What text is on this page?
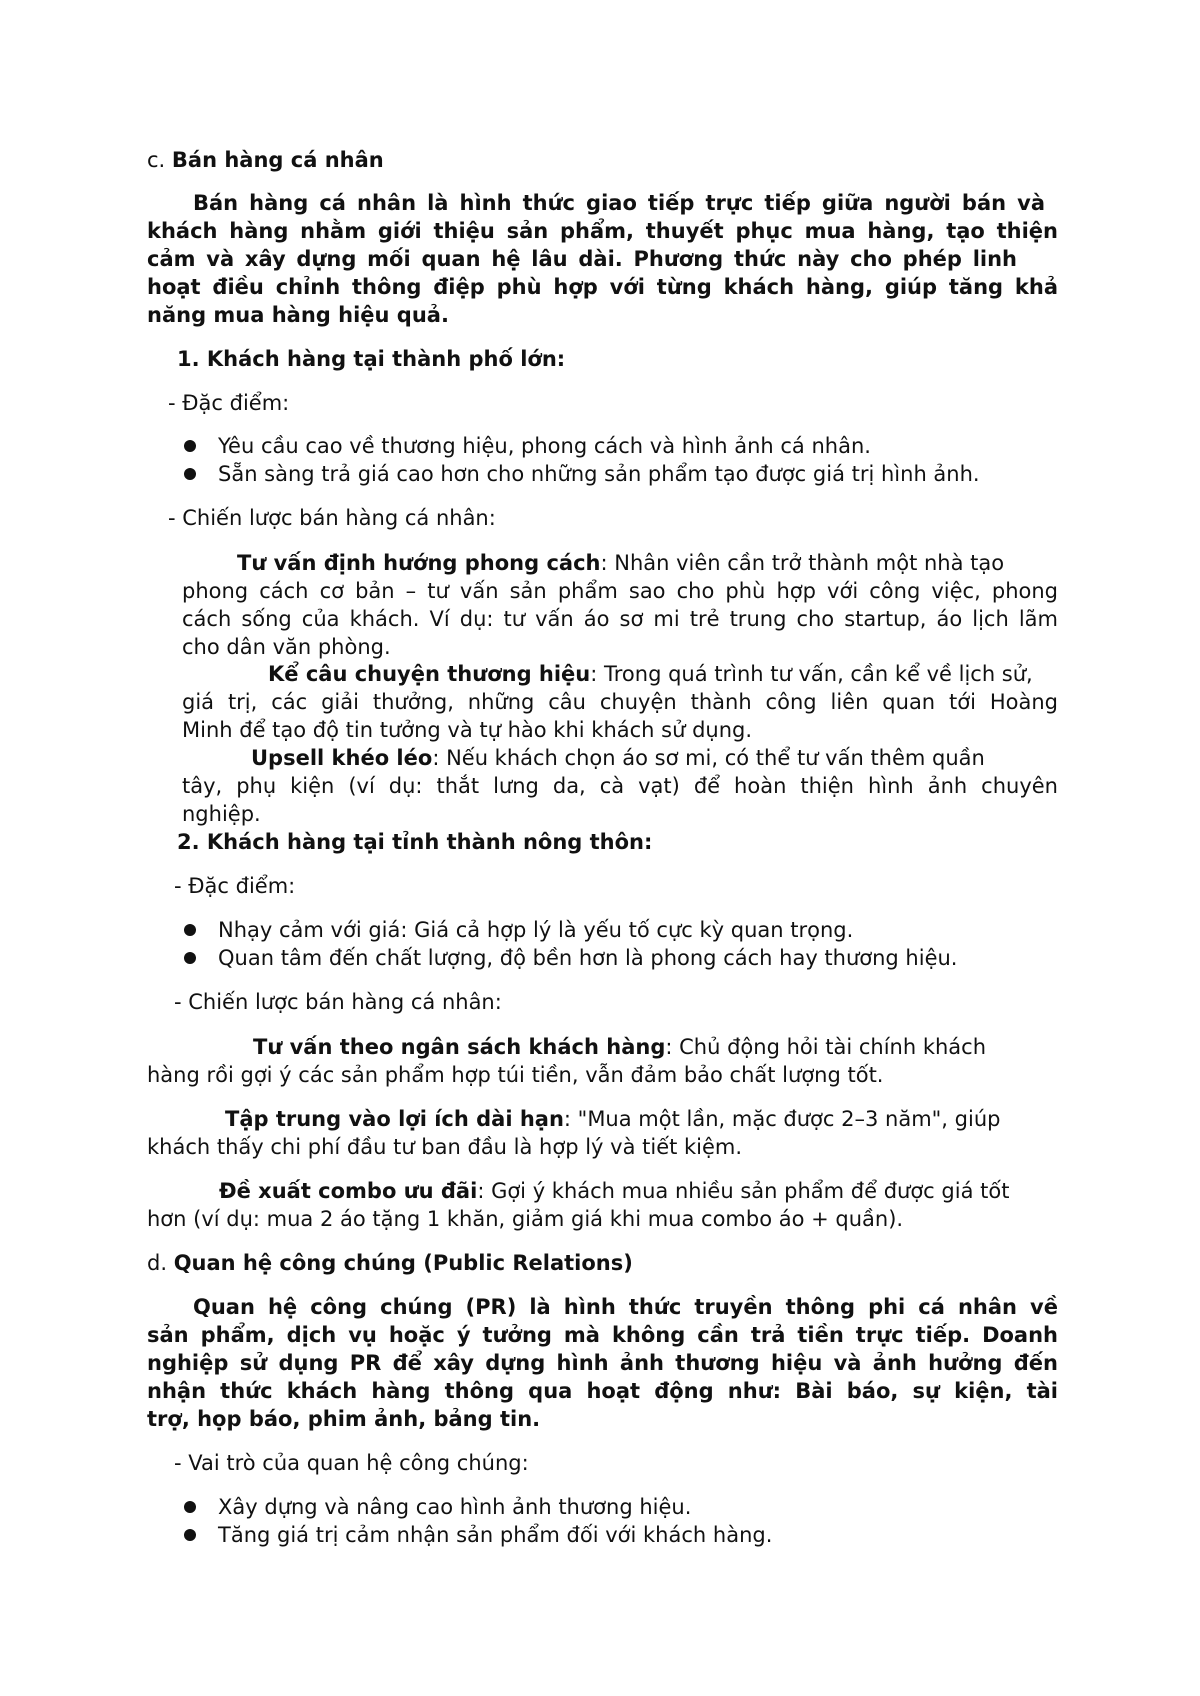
c. Bán hàng cá nhân
Bán hàng cá nhân là hình thức giao tiếp trực tiếp giữa người bán và
khách hàng nhằm giới thiệu sản phẩm, thuyết phục mua hàng, tạo thiện
cảm và xây dựng mối quan hệ lâu dài. Phương thức này cho phép linh
hoạt điều chỉnh thông điệp phù hợp với từng khách hàng, giúp tăng khả
năng mua hàng hiệu quả.
1. Khách hàng tại thành phố lớn:
- Đặc điểm:
Yêu cầu cao về thương hiệu, phong cách và hình ảnh cá nhân.
Sẵn sàng trả giá cao hơn cho những sản phẩm tạo được giá trị hình ảnh.
- Chiến lược bán hàng cá nhân:
Tư vấn định hướng phong cách: Nhân viên cần trở thành một nhà tạo
phong cách cơ bản – tư vấn sản phẩm sao cho phù hợp với công việc, phong
cách sống của khách. Ví dụ: tư vấn áo sơ mi trẻ trung cho startup, áo lịch lãm
cho dân văn phòng.
Kể câu chuyện thương hiệu: Trong quá trình tư vấn, cần kể về lịch sử,
giá trị, các giải thưởng, những câu chuyện thành công liên quan tới Hoàng
Minh để tạo độ tin tưởng và tự hào khi khách sử dụng.
Upsell khéo léo: Nếu khách chọn áo sơ mi, có thể tư vấn thêm quần
tây, phụ kiện (ví dụ: thắt lưng da, cà vạt) để hoàn thiện hình ảnh chuyên
nghiệp.
2. Khách hàng tại tỉnh thành nông thôn:
- Đặc điểm:
Nhạy cảm với giá: Giá cả hợp lý là yếu tố cực kỳ quan trọng.
Quan tâm đến chất lượng, độ bền hơn là phong cách hay thương hiệu.
- Chiến lược bán hàng cá nhân:
Tư vấn theo ngân sách khách hàng: Chủ động hỏi tài chính khách
hàng rồi gợi ý các sản phẩm hợp túi tiền, vẫn đảm bảo chất lượng tốt.
Tập trung vào lợi ích dài hạn: "Mua một lần, mặc được 2–3 năm", giúp
khách thấy chi phí đầu tư ban đầu là hợp lý và tiết kiệm.
Đề xuất combo ưu đãi: Gợi ý khách mua nhiều sản phẩm để được giá tốt
hơn (ví dụ: mua 2 áo tặng 1 khăn, giảm giá khi mua combo áo + quần).
d. Quan hệ công chúng (Public Relations)
Quan hệ công chúng (PR) là hình thức truyền thông phi cá nhân về
sản phẩm, dịch vụ hoặc ý tưởng mà không cần trả tiền trực tiếp. Doanh
nghiệp sử dụng PR để xây dựng hình ảnh thương hiệu và ảnh hưởng đến
nhận thức khách hàng thông qua hoạt động như: Bài báo, sự kiện, tài
trợ, họp báo, phim ảnh, bảng tin.
- Vai trò của quan hệ công chúng:
Xây dựng và nâng cao hình ảnh thương hiệu.
Tăng giá trị cảm nhận sản phẩm đối với khách hàng.
